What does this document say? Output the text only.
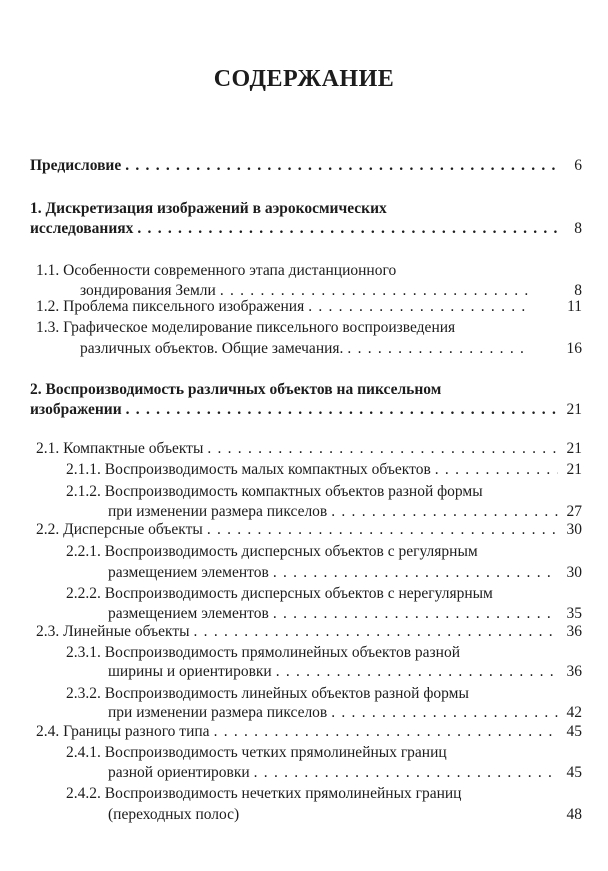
СОДЕРЖАНИЕ
Предисловие . . .	6
1. Дискретизация изображений в аэрокосмических
исследованиях . . .	8
1.1. Особенности современного этапа дистанционного
зондирования Земли . . .	8
1.2. Проблема пиксельного изображения . . .	11
1.3. Графическое моделирование пиксельного воспроизведения
различных объектов. Общие замечания. . . .	16
2. Воспроизводимость различных объектов на пиксельном
изображении . . .	21
2.1. Компактные объекты . . .	21
2.1.1. Воспроизводимость малых компактных объектов . . .	21
2.1.2. Воспроизводимость компактных объектов разной формы
при изменении размера пикселов . . .	27
2.2. Дисперсные объекты . . .	30
2.2.1. Воспроизводимость дисперсных объектов с регулярным
размещением элементов . . .	30
2.2.2. Воспроизводимость дисперсных объектов с нерегулярным
размещением элементов . . .	35
2.3. Линейные объекты . . .	36
2.3.1. Воспроизводимость прямолинейных объектов разной
ширины и ориентировки . . .	36
2.3.2. Воспроизводимость линейных объектов разной формы
при изменении размера пикселов . . .	42
2.4. Границы разного типа . . .	45
2.4.1. Воспроизводимость четких прямолинейных границ
разной ориентировки . . .	45
2.4.2. Воспроизводимость нечетких прямолинейных границ
(переходных полос)	48
